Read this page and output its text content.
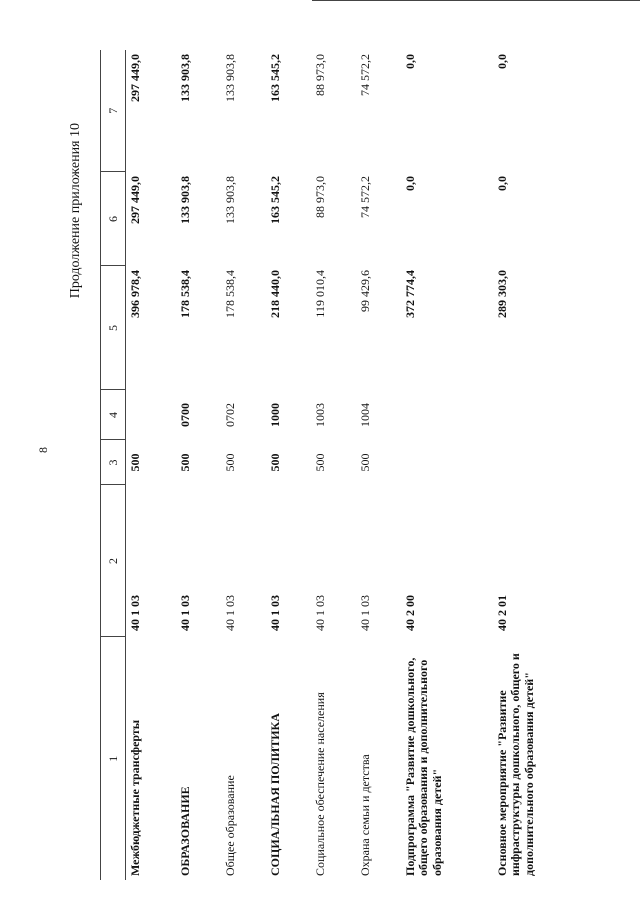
8
Продолжение приложения 10
1	2	3	4	5	6	7
Межбюджетные трансферты	40 1 03	500		396 978,4	297 449,0	297 449,0
ОБРАЗОВАНИЕ	40 1 03	500	0700	178 538,4	133 903,8	133 903,8
Общее образование	40 1 03	500	0702	178 538,4	133 903,8	133 903,8
СОЦИАЛЬНАЯ ПОЛИТИКА	40 1 03	500	1000	218 440,0	163 545,2	163 545,2
Социальное обеспечение населения	40 1 03	500	1003	119 010,4	88 973,0	88 973,0
Охрана семьи и детства	40 1 03	500	1004	99 429,6	74 572,2	74 572,2
Подпрограмма "Развитие дошкольного, общего образования и дополнительного образования детей"	40 2 00			372 774,4	0,0	0,0
Основное мероприятие "Развитие инфраструктуры дошкольного, общего и дополнительного образования детей"	40 2 01			289 303,0	0,0	0,0
